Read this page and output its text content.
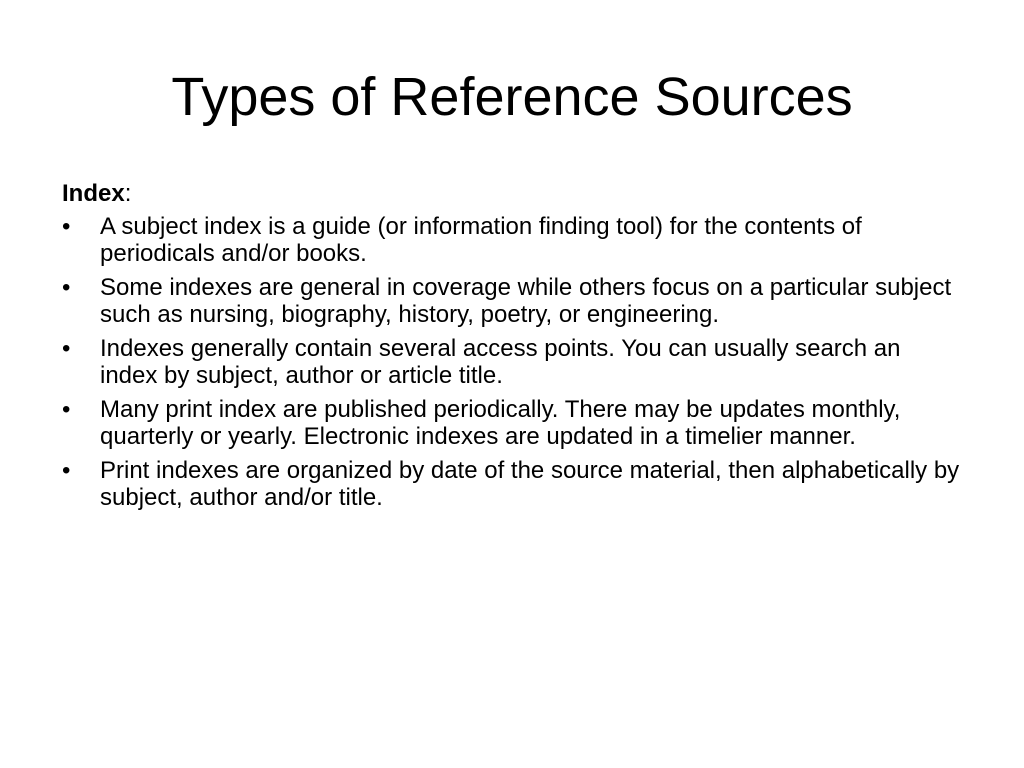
Types of Reference Sources

Index:

• A subject index is a guide (or information finding tool) for the contents of periodicals and/or books.
• Some indexes are general in coverage while others focus on a particular subject such as nursing, biography, history, poetry, or engineering.
• Indexes generally contain several access points. You can usually search an index by subject, author or article title.
• Many print index are published periodically. There may be updates monthly, quarterly or yearly. Electronic indexes are updated in a timelier manner.
• Print indexes are organized by date of the source material, then alphabetically by subject, author and/or title.
